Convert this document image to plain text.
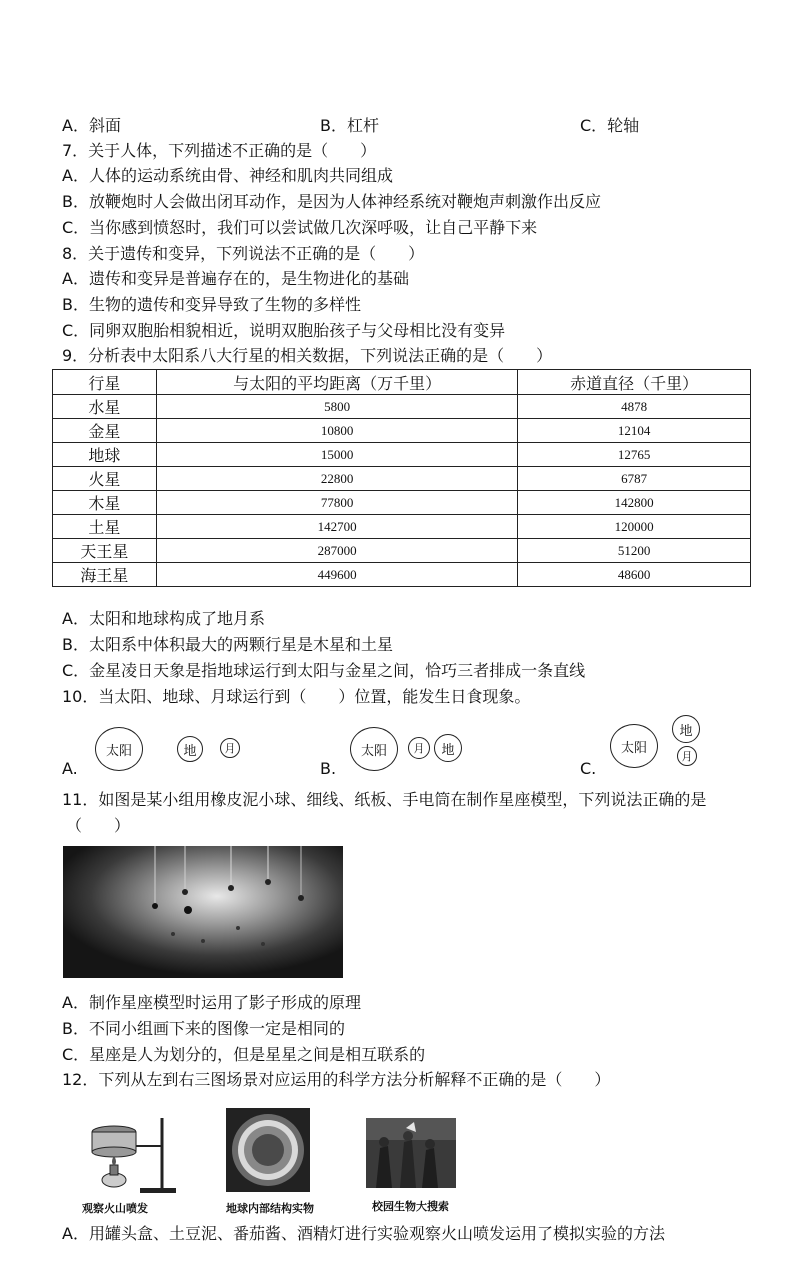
A．斜面	B．杠杆	C．轮轴
7．关于人体，下列描述不正确的是（　　）
A．人体的运动系统由骨、神经和肌肉共同组成
B．放鞭炮时人会做出闭耳动作，是因为人体神经系统对鞭炮声刺激作出反应
C．当你感到愤怒时，我们可以尝试做几次深呼吸，让自己平静下来
8．关于遗传和变异，下列说法不正确的是（　　）
A．遗传和变异是普遍存在的，是生物进化的基础
B．生物的遗传和变异导致了生物的多样性
C．同卵双胞胎相貌相近，说明双胞胎孩子与父母相比没有变异
9．分析表中太阳系八大行星的相关数据，下列说法正确的是（　　）
行星	与太阳的平均距离（万千里）	赤道直径（千里）
水星	5800	4878
金星	10800	12104
地球	15000	12765
火星	22800	6787
木星	77800	142800
土星	142700	120000
天王星	287000	51200
海王星	449600	48600
A．太阳和地球构成了地月系
B．太阳系中体积最大的两颗行星是木星和土星
C．金星凌日天象是指地球运行到太阳与金星之间，恰巧三者排成一条直线
10．当太阳、地球、月球运行到（　　）位置，能发生日食现象。
A.
太阳	地	月
B.
太阳	月	地
C.
太阳
地
月
11．如图是某小组用橡皮泥小球、细线、纸板、手电筒在制作星座模型，下列说法正确的是
（　　）
A．制作星座模型时运用了影子形成的原理
B．不同小组画下来的图像一定是相同的
C．星座是人为划分的，但是星星之间是相互联系的
12．下列从左到右三图场景对应运用的科学方法分析解释不正确的是（　　）
观察火山喷发	地球内部结构实物	校园生物大搜索
A．用罐头盒、土豆泥、番茄酱、酒精灯进行实验观察火山喷发运用了模拟实验的方法
